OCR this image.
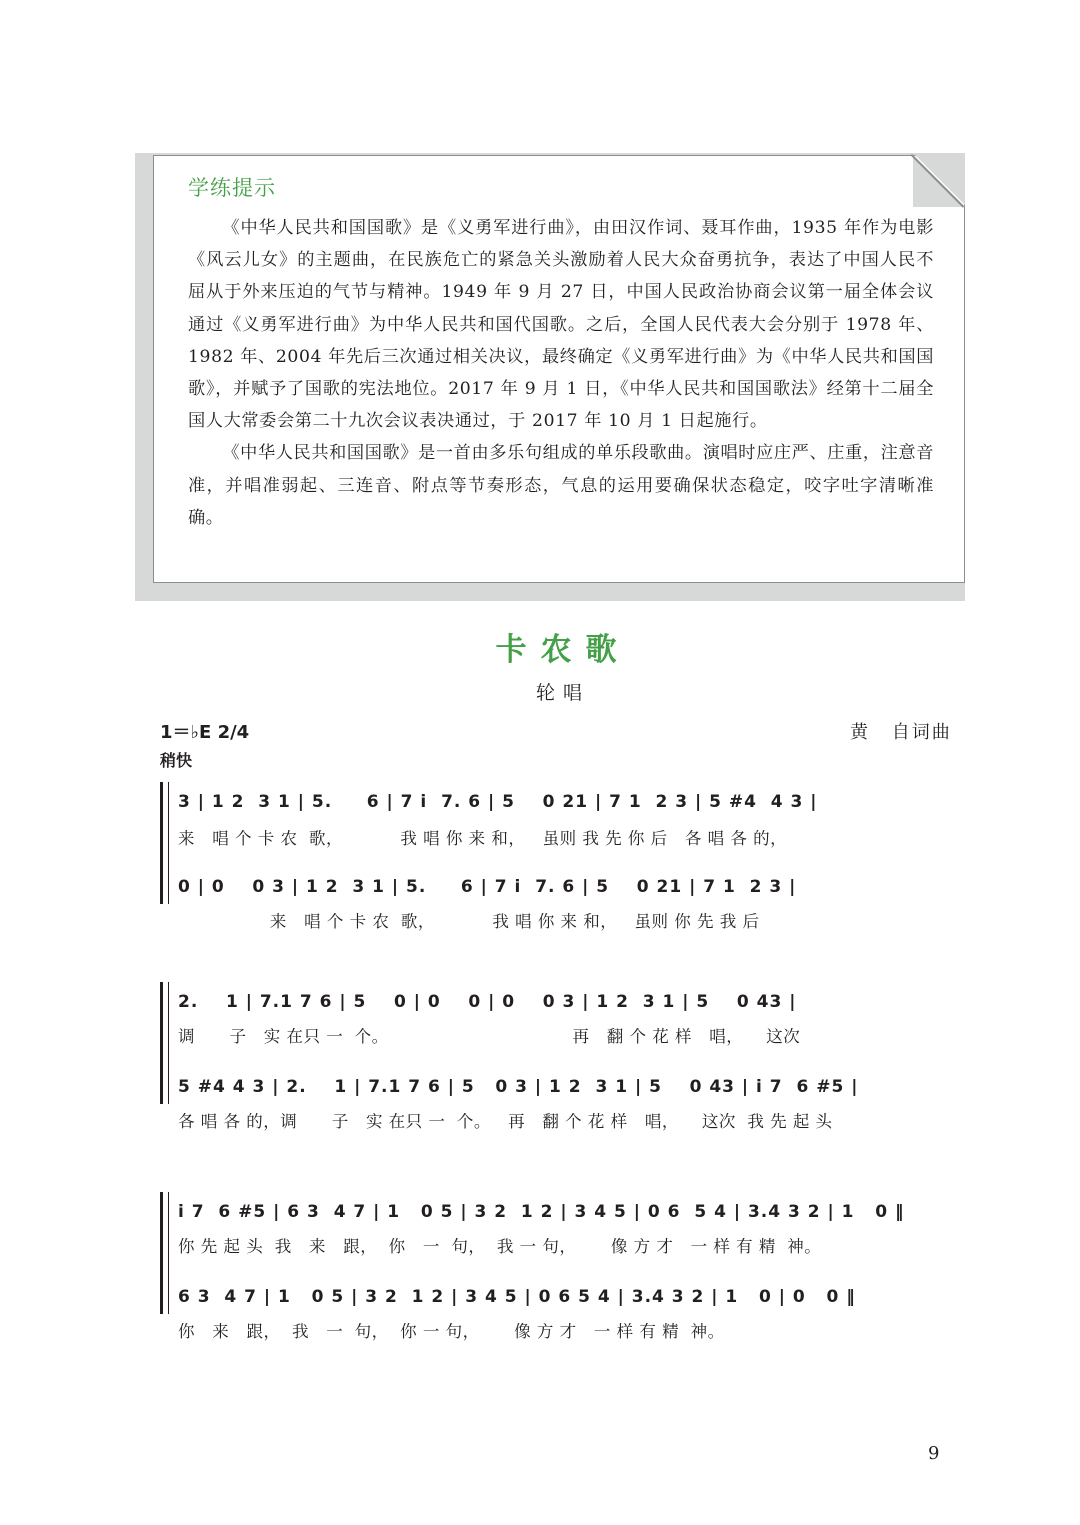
学练提示

《中华人民共和国国歌》是《义勇军进行曲》，由田汉作词、聂耳作曲，1935 年作为电影《风云儿女》的主题曲，在民族危亡的紧急关头激励着人民大众奋勇抗争，表达了中国人民不屈从于外来压迫的气节与精神。1949 年 9 月 27 日，中国人民政治协商会议第一届全体会议通过《义勇军进行曲》为中华人民共和国代国歌。之后，全国人民代表大会分别于 1978 年、1982 年、2004 年先后三次通过相关决议，最终确定《义勇军进行曲》为《中华人民共和国国歌》，并赋予了国歌的宪法地位。2017 年 9 月 1 日，《中华人民共和国国歌法》经第十二届全国人大常委会第二十九次会议表决通过，于 2017 年 10 月 1 日起施行。

《中华人民共和国国歌》是一首由多乐句组成的单乐段歌曲。演唱时应庄严、庄重，注意音准，并唱准弱起、三连音、附点等节奏形态，气息的运用要确保状态稳定，咬字吐字清晰准确。

卡农歌
轮唱
1＝♭E 2/4
稍快
黄 自词曲
3 | 1 2  3 1 | 5.     6 | 7 i  7. 6 | 5    0 21 | 7 1  2 3 | 5 #4  4 3 |
来   唱 个 卡 农  歌，          我 唱 你 来 和，   虽则 我 先 你 后   各 唱 各 的，
0 | 0    0 3 | 1 2  3 1 | 5.     6 | 7 i  7. 6 | 5    0 21 | 7 1  2 3 |
来   唱 个 卡 农  歌，          我 唱 你 来 和，   虽则 你 先 我 后
2.    1 | 7.1 7 6 | 5    0 | 0    0 | 0    0 3 | 1 2  3 1 | 5    0 43 |
调      子   实 在只 一  个。                                再   翻 个 花 样   唱，    这次
5 #4 4 3 | 2.    1 | 7.1 7 6 | 5   0 3 | 1 2  3 1 | 5    0 43 | i 7  6 #5 |
各 唱 各 的，调      子   实 在只 一  个。   再   翻 个 花 样   唱，    这次  我 先 起 头
i 7  6 #5 | 6 3  4 7 | 1   0 5 | 3 2  1 2 | 3 4 5 | 0 6  5 4 | 3.4 3 2 | 1   0 ‖
你 先 起 头  我   来   跟，  你   一  句，  我 一 句，      像 方 才   一 样 有 精  神。
6 3  4 7 | 1   0 5 | 3 2  1 2 | 3 4 5 | 0 6 5 4 | 3.4 3 2 | 1   0 | 0   0 ‖
你   来   跟，  我   一  句，  你 一 句，      像 方 才   一 样 有 精  神。
9
